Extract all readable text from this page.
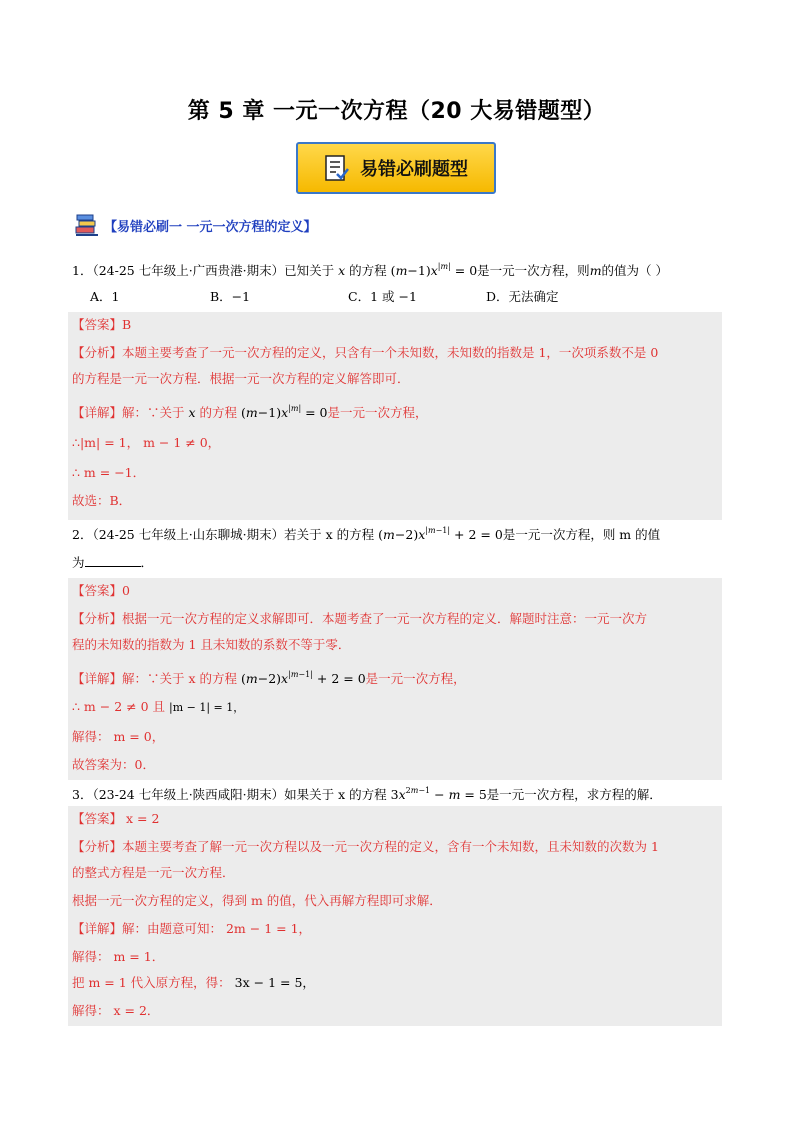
第 5 章 一元一次方程（20 大易错题型）
易错必刷题型
【易错必刷一 一元一次方程的定义】
1．（24-25 七年级上·广西贵港·期末）已知关于 x 的方程 $(m-1)x^{|m|} = 0$是一元一次方程，则m的值为（ ）
A．1	B．−1	C．1 或 −1	D．无法确定
【答案】B
【分析】本题主要考查了一元一次方程的定义，只含有一个未知数，未知数的指数是 1，一次项系数不是 0
的方程是一元一次方程．根据一元一次方程的定义解答即可．
【详解】解：∵关于 x 的方程 $(m-1)x^{|m|} = 0$是一元一次方程，
∴|m| = 1， m − 1 ≠ 0，
∴ m = −1．
故选：B．
2．（24-25 七年级上·山东聊城·期末）若关于 x 的方程 $(m-2)x^{|m-1|} + 2 = 0$是一元一次方程，则 m 的值
为	．
【答案】0
【分析】根据一元一次方程的定义求解即可．本题考查了一元一次方程的定义．解题时注意：一元一次方
程的未知数的指数为 1 且未知数的系数不等于零．
【详解】解：∵关于 x 的方程 $(m-2)x^{|m-1|} + 2 = 0$是一元一次方程，
∴ m − 2 ≠ 0 且 |m − 1| = 1，
解得： m = 0，
故答案为：0．
3．（23-24 七年级上·陕西咸阳·期末）如果关于 x 的方程 $3x^{2m-1} - m = 5$是一元一次方程，求方程的解．
【答案】 x = 2
【分析】本题主要考查了解一元一次方程以及一元一次方程的定义，含有一个未知数，且未知数的次数为 1
的整式方程是一元一次方程．
根据一元一次方程的定义，得到 m 的值，代入再解方程即可求解．
【详解】解：由题意可知： 2m − 1 = 1，
解得： m = 1．
把 m = 1 代入原方程，得： 3x − 1 = 5，
解得： x = 2．
